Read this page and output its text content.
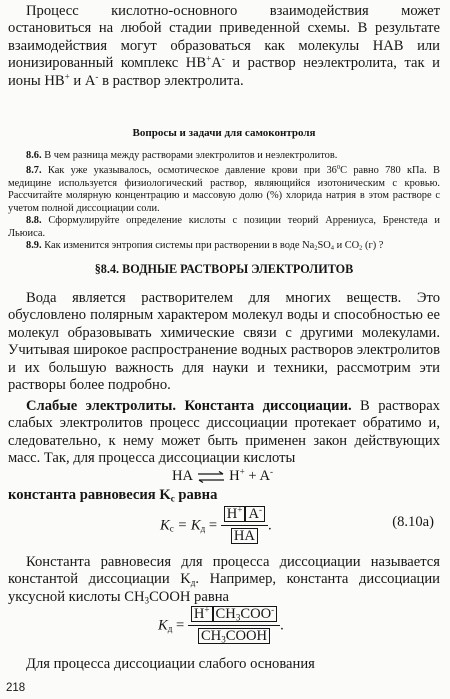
Процесс кислотно-основного взаимодействия может остановиться на любой стадии приведенной схемы. В результате взаимодействия могут образоваться как молекулы НАВ или ионизированный комплекс НВ+А- и раствор неэлектролита, так и ионы НВ+ и А- в раствор электролита.

Вопросы и задачи для самоконтроля

8.6. В чем разница между растворами электролитов и неэлектролитов.

8.7. Как уже указывалось, осмотическое давление крови при $36^0С$ равно 780 кПа. В медицине используется физиологический раствор, являющийся изотоническим с кровью. Рассчитайте молярную концентрацию и массовую долю (%) хлорида натрия в этом растворе с учетом полной диссоциации соли.

8.8. Сформулируйте определение кислоты с позиции теорий Аррениуса, Бренстеда и Льюиса.

8.9. Как изменится энтропия системы при растворении в воде $Na_2SO_4$ и $CO_2$ (г) ?

§8.4. ВОДНЫЕ РАСТВОРЫ ЭЛЕКТРОЛИТОВ

Вода является растворителем для многих веществ. Это обусловлено полярным характером молекул воды и способностью ее молекул образовывать химические связи с другими молекулами. Учитывая широкое распространение водных растворов электролитов и их большую важность для науки и техники, рассмотрим эти растворы более подробно.

Слабые электролиты. Константа диссоциации. В растворах слабых электролитов процесс диссоциации протекает обратимо и, следовательно, к нему может быть применен закон действующих масс. Так, для процесса диссоциации кислоты

HA ⇌ H+ + A-

константа равновесия $K_c$ равна

$K_c = K_д = \frac{H^+ A^-}{HA}$ .	(8.10a)

Константа равновесия для процесса диссоциации называется константой диссоциации $K_д$. Например, константа диссоциации уксусной кислоты $CH_3COOH$ равна

$K_д = \frac{H^+ CH_3COO^-}{CH_3COOH}$ .

Для процесса диссоциации слабого основания

218
